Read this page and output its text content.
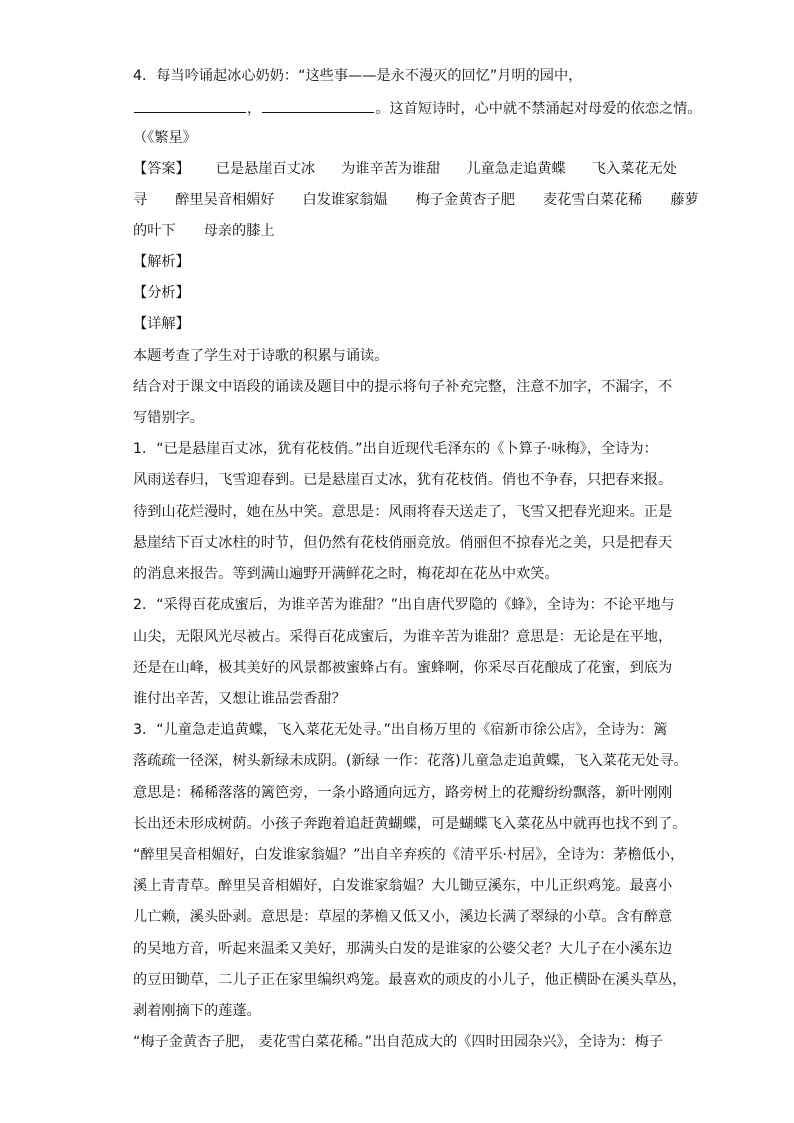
4．每当吟诵起冰心奶奶：“这些事——是永不漫灭的回忆”月明的园中，
，	。这首短诗时，心中就不禁涌起对母爱的依恋之情。
（《繁星》
【答案】 已是悬崖百丈冰 为谁辛苦为谁甜 儿童急走追黄蝶 飞入菜花无处
寻 醉里吴音相媚好 白发谁家翁媪 梅子金黄杏子肥 麦花雪白菜花稀 藤萝
的叶下 母亲的膝上
【解析】
【分析】
【详解】
本题考查了学生对于诗歌的积累与诵读。
结合对于课文中语段的诵读及题目中的提示将句子补充完整，注意不加字，不漏字，不
写错别字。
1．“已是悬崖百丈冰，犹有花枝俏。”出自近现代毛泽东的《卜算子·咏梅》，全诗为：
风雨送春归，飞雪迎春到。已是悬崖百丈冰，犹有花枝俏。俏也不争春，只把春来报。
待到山花烂漫时，她在丛中笑。意思是：风雨将春天送走了，飞雪又把春光迎来。正是
悬崖结下百丈冰柱的时节，但仍然有花枝俏丽竞放。俏丽但不掠春光之美，只是把春天
的消息来报告。等到满山遍野开满鲜花之时，梅花却在花丛中欢笑。
2．“采得百花成蜜后，为谁辛苦为谁甜？”出自唐代罗隐的《蜂》，全诗为：不论平地与
山尖，无限风光尽被占。采得百花成蜜后，为谁辛苦为谁甜？意思是：无论是在平地，
还是在山峰，极其美好的风景都被蜜蜂占有。蜜蜂啊，你采尽百花酿成了花蜜，到底为
谁付出辛苦，又想让谁品尝香甜？
3．“儿童急走追黄蝶，飞入菜花无处寻。”出自杨万里的《宿新市徐公店》，全诗为：篱
落疏疏一径深，树头新绿未成阴。(新绿 一作：花落)儿童急走追黄蝶，飞入菜花无处寻。
意思是：稀稀落落的篱笆旁，一条小路通向远方，路旁树上的花瓣纷纷飘落，新叶刚刚
长出还未形成树荫。小孩子奔跑着追赶黄蝴蝶，可是蝴蝶飞入菜花丛中就再也找不到了。
“醉里吴音相媚好，白发谁家翁媪？”出自辛弃疾的《清平乐·村居》，全诗为：茅檐低小，
溪上青青草。醉里吴音相媚好，白发谁家翁媪？大儿锄豆溪东，中儿正织鸡笼。最喜小
儿亡赖，溪头卧剥。意思是：草屋的茅檐又低又小，溪边长满了翠绿的小草。含有醉意
的吴地方音，听起来温柔又美好，那满头白发的是谁家的公婆父老？大儿子在小溪东边
的豆田锄草，二儿子正在家里编织鸡笼。最喜欢的顽皮的小儿子，他正横卧在溪头草丛，
剥着刚摘下的莲蓬。
“梅子金黄杏子肥， 麦花雪白菜花稀。”出自范成大的《四时田园杂兴》，全诗为：梅子
